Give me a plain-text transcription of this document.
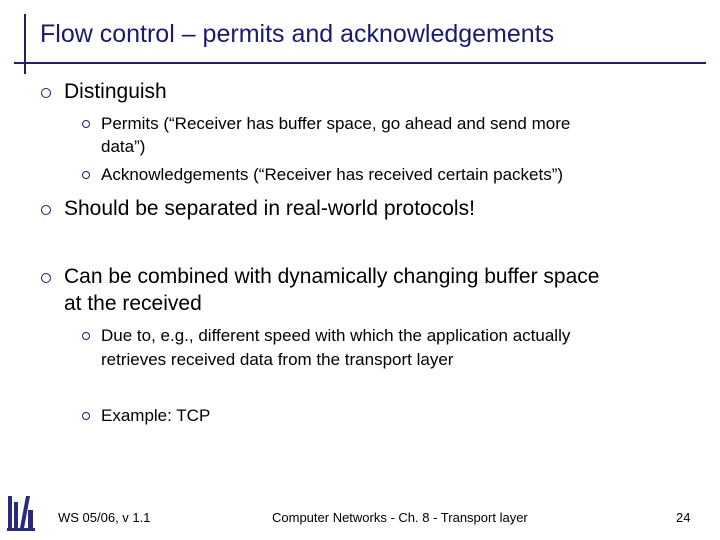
Flow control – permits and acknowledgements
Distinguish
Permits (“Receiver has buffer space, go ahead and send more
data”)
Acknowledgements (“Receiver has received certain packets”)
Should be separated in real-world protocols!
Can be combined with dynamically changing buffer space
at the received
Due to, e.g., different speed with which the application actually
retrieves received data from the transport layer
Example: TCP
WS 05/06, v 1.1	Computer Networks - Ch. 8 - Transport layer	24
